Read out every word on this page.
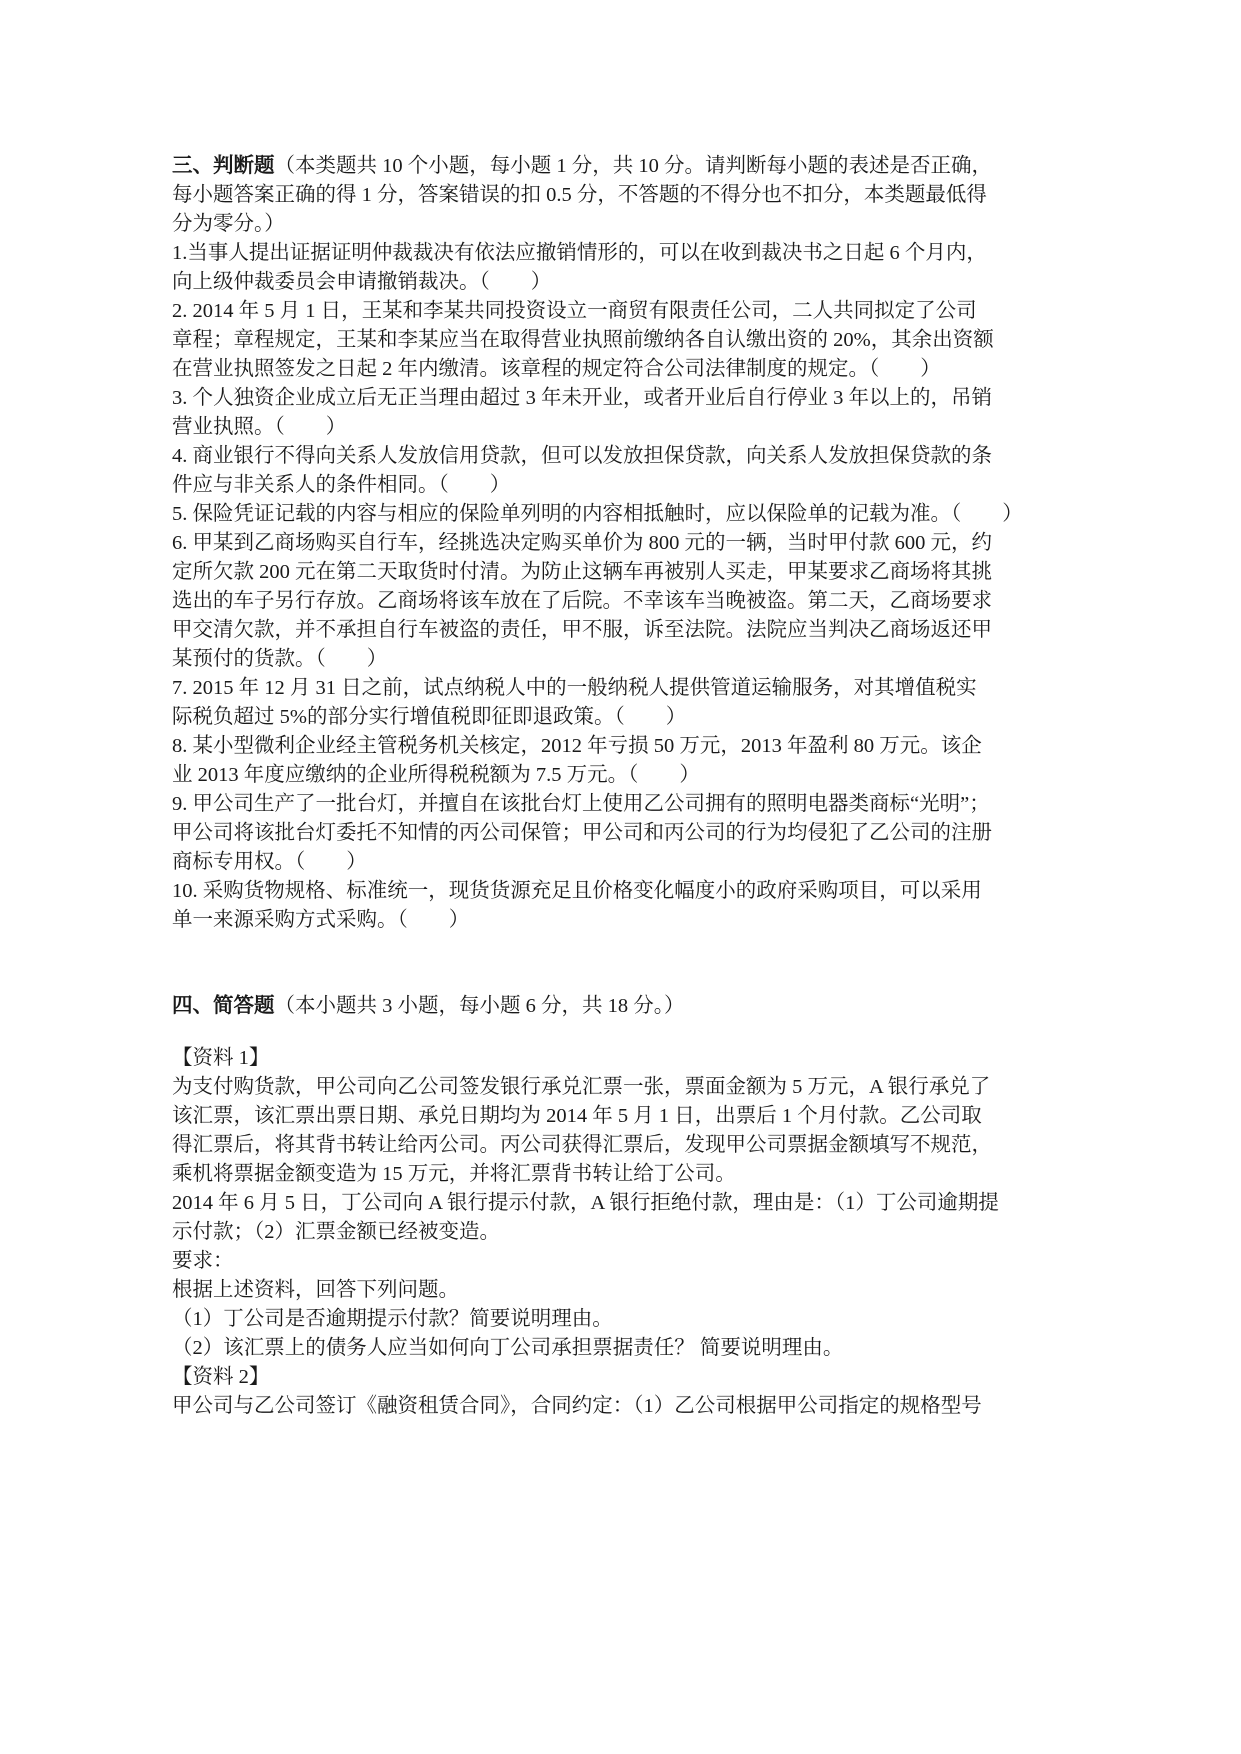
三、判断题（本类题共 10 个小题，每小题 1 分，共 10 分。请判断每小题的表述是否正确，
每小题答案正确的得 1 分，答案错误的扣 0.5 分，不答题的不得分也不扣分，本类题最低得
分为零分。）
1.当事人提出证据证明仲裁裁决有依法应撤销情形的，可以在收到裁决书之日起 6 个月内，
向上级仲裁委员会申请撤销裁决。（　　）
2. 2014 年 5 月 1 日，王某和李某共同投资设立一商贸有限责任公司，二人共同拟定了公司
章程；章程规定，王某和李某应当在取得营业执照前缴纳各自认缴出资的 20%，其余出资额
在营业执照签发之日起 2 年内缴清。该章程的规定符合公司法律制度的规定。（　　）
3. 个人独资企业成立后无正当理由超过 3 年未开业，或者开业后自行停业 3 年以上的，吊销
营业执照。（　　）
4. 商业银行不得向关系人发放信用贷款，但可以发放担保贷款，向关系人发放担保贷款的条
件应与非关系人的条件相同。（　　）
5. 保险凭证记载的内容与相应的保险单列明的内容相抵触时，应以保险单的记载为准。（　　）
6. 甲某到乙商场购买自行车，经挑选决定购买单价为 800 元的一辆，当时甲付款 600 元，约
定所欠款 200 元在第二天取货时付清。为防止这辆车再被别人买走，甲某要求乙商场将其挑
选出的车子另行存放。乙商场将该车放在了后院。不幸该车当晚被盗。第二天，乙商场要求
甲交清欠款，并不承担自行车被盗的责任，甲不服，诉至法院。法院应当判决乙商场返还甲
某预付的货款。（　　）
7. 2015 年 12 月 31 日之前，试点纳税人中的一般纳税人提供管道运输服务，对其增值税实
际税负超过 5%的部分实行增值税即征即退政策。（　　）
8. 某小型微利企业经主管税务机关核定，2012 年亏损 50 万元，2013 年盈利 80 万元。该企
业 2013 年度应缴纳的企业所得税税额为 7.5 万元。（　　）
9. 甲公司生产了一批台灯，并擅自在该批台灯上使用乙公司拥有的照明电器类商标“光明”；
甲公司将该批台灯委托不知情的丙公司保管；甲公司和丙公司的行为均侵犯了乙公司的注册
商标专用权。（　　）
10. 采购货物规格、标准统一，现货货源充足且价格变化幅度小的政府采购项目，可以采用
单一来源采购方式采购。（　　）
四、简答题（本小题共 3 小题，每小题 6 分，共 18 分。）
【资料 1】
为支付购货款，甲公司向乙公司签发银行承兑汇票一张，票面金额为 5 万元，A 银行承兑了
该汇票，该汇票出票日期、承兑日期均为 2014 年 5 月 1 日，出票后 1 个月付款。乙公司取
得汇票后，将其背书转让给丙公司。丙公司获得汇票后，发现甲公司票据金额填写不规范，
乘机将票据金额变造为 15 万元，并将汇票背书转让给丁公司。
2014 年 6 月 5 日，丁公司向 A 银行提示付款，A 银行拒绝付款，理由是：（1）丁公司逾期提
示付款；（2）汇票金额已经被变造。
要求：
根据上述资料，回答下列问题。
（1）丁公司是否逾期提示付款？简要说明理由。
（2）该汇票上的债务人应当如何向丁公司承担票据责任？ 简要说明理由。
【资料 2】
甲公司与乙公司签订《融资租赁合同》，合同约定：（1）乙公司根据甲公司指定的规格型号
